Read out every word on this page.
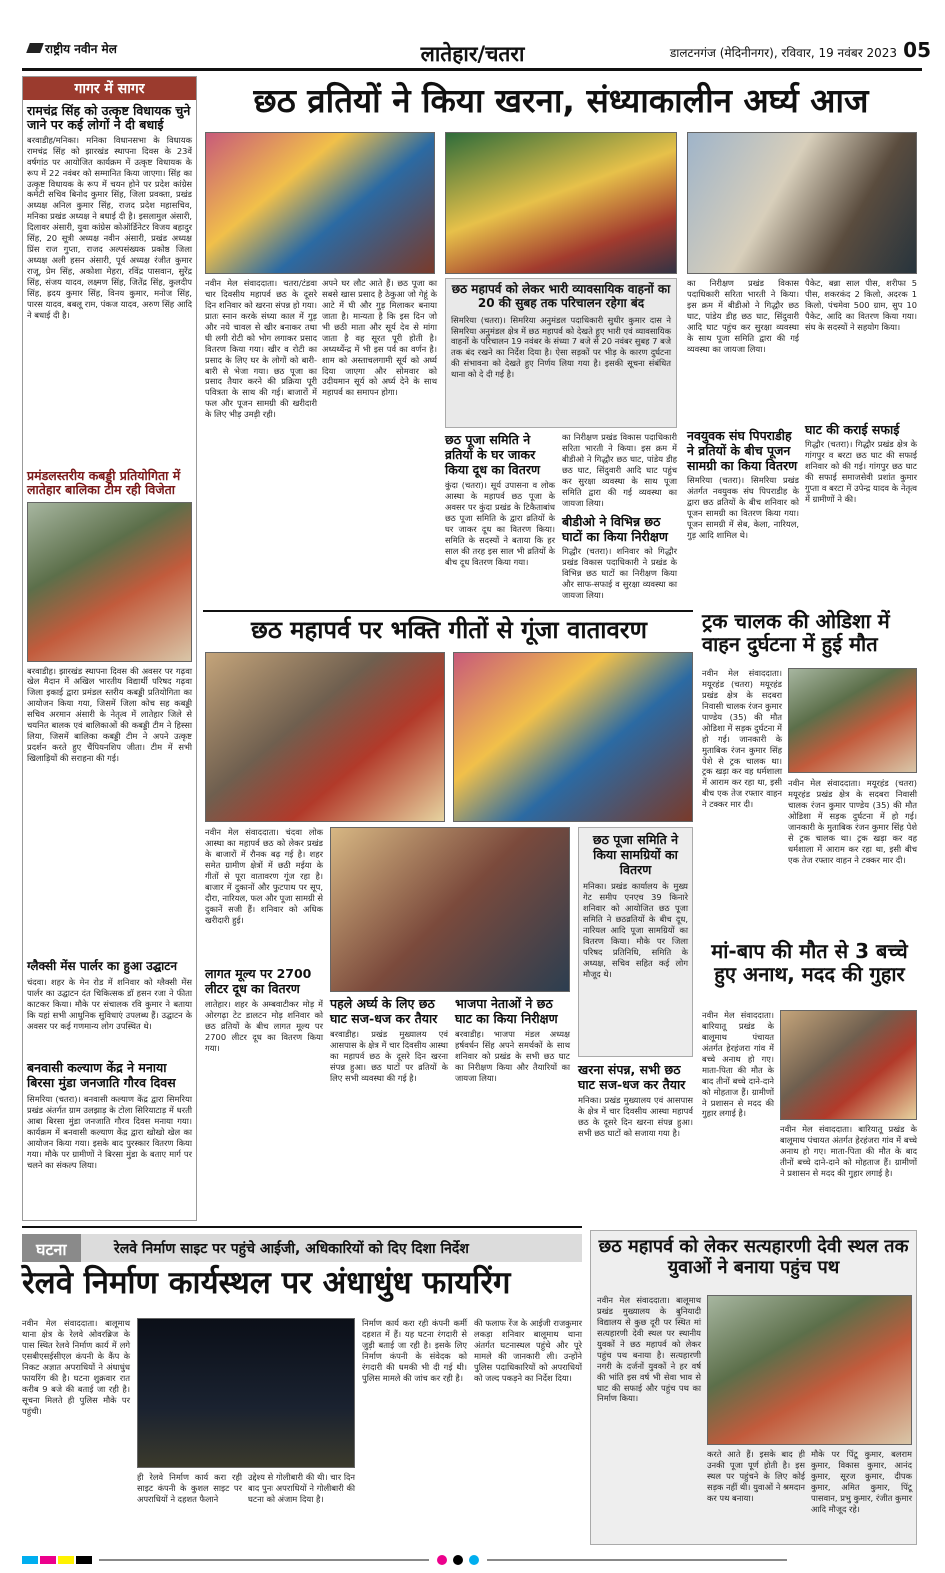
राष्ट्रीय नवीन मेल	लातेहार/चतरा	डालटनगंज (मेदिनीनगर), रविवार, 19 नवंबर 2023 05
गागर में सागर
रामचंद्र सिंह को उत्कृष्ट विधायक चुने जाने पर कई लोगों ने दी बधाई
बरवाडीह/मनिका। मनिका विधानसभा के विधायक रामचंद्र सिंह को झारखंड स्थापना दिवस के 23वें वर्षगांठ पर आयोजित कार्यक्रम में उत्कृष्ट विधायक के रूप में 22 नवंबर को सम्मानित किया जाएगा। सिंह का उत्कृष्ट विधायक के रूप में चयन होने पर प्रदेश कांग्रेस कमेटी सचिव बिनोद कुमार सिंह, जिला प्रवक्ता, प्रखंड अध्यक्ष अनिल कुमार सिंह, राजद प्रदेश महासचिव, मनिका प्रखंड अध्यक्ष ने बधाई दी है। इसलामुल अंसारी, दिलावर अंसारी, युवा कांग्रेस कोऑर्डिनेटर विजय बहादुर सिंह, 20 सूत्री अध्यक्ष नवीन अंसारी, प्रखंड अध्यक्ष प्रिंस राज गुप्ता, राजद अल्पसंख्यक प्रकोष्ठ जिला अध्यक्ष अली हसन अंसारी, पूर्व अध्यक्ष रंजीत कुमार राजू, प्रेम सिंह, अकोशा मेहरा, रविंद्र पासवान, सुरेंद्र सिंह, संजय यादव, लक्ष्मण सिंह, जितेंद्र सिंह, कुलदीप सिंह, ह्रदय कुमार सिंह, विनय कुमार, मनोज सिंह, पारस यादव, बबलू राम, पंकज यादव, अरुण सिंह आदि ने बधाई दी है।
प्रमंडलस्तरीय कबड्डी प्रतियोगिता में लातेहार बालिका टीम रही विजेता
बरवाडीह। झारखंड स्थापना दिवस की अवसर पर गढ़वा खेल मैदान में अखिल भारतीय विद्यार्थी परिषद गढ़वा जिला इकाई द्वारा प्रमंडल स्तरीय कबड्डी प्रतियोगिता का आयोजन किया गया, जिसमें जिला कोच सह कबड्डी सचिव अरमान अंसारी के नेतृत्व में लातेहार जिले से चयनित बालक एवं बालिकाओं की कबड्डी टीम ने हिस्सा लिया, जिसमें बालिका कबड्डी टीम ने अपने उत्कृष्ट प्रदर्शन करते हुए चैंपियनशिप जीता। टीम में सभी खिलाड़ियों की सराहना की गई।
ग्लैक्सी मेंस पार्लर का हुआ उद्घाटन
चंदवा। शहर के मेन रोड में शनिवार को ग्लैक्सी मेंस पार्लर का उद्घाटन दंत चिकित्सक डॉ हसन रजा ने फीता काटकर किया। मौके पर संचालक रवि कुमार ने बताया कि यहां सभी आधुनिक सुविधाएं उपलब्ध हैं। उद्घाटन के अवसर पर कई गणमान्य लोग उपस्थित थे।
बनवासी कल्याण केंद्र ने मनाया बिरसा मुंडा जनजाति गौरव दिवस
सिमरिया (चतरा)। बनवासी कल्याण केंद्र द्वारा सिमरिया प्रखंड अंतर्गत ग्राम उलझाड़ के टोला सिरियाटाड़ में धरती आबा बिरसा मुंडा जनजाति गौरव दिवस मनाया गया। कार्यक्रम में बनवासी कल्याण केंद्र द्वारा खोखो खेल का आयोजन किया गया। इसके बाद पुरस्कार वितरण किया गया। मौके पर ग्रामीणों ने बिरसा मुंडा के बताए मार्ग पर चलने का संकल्प लिया।
छठ व्रतियों ने किया खरना, संध्याकालीन अर्घ्य आज
नवीन मेल संवाददाता। चतरा/टंडवा चार दिवसीय महापर्व छठ के दूसरे दिन शनिवार को खरना संपन्न हो गया। प्रातः स्नान करके संध्या काल में गुड़ और नये चावल से खीर बनाकर तथा घी लगी रोटी को भोग लगाकर प्रसाद वितरण किया गया। खीर व रोटी का प्रसाद के लिए घर के लोगों को बारी-बारी से भेजा गया। छठ पूजा का प्रसाद तैयार करने की प्रक्रिया पूरी पवित्रता के साथ की गई। बाजारों में फल और पूजन सामग्री की खरीदारी के लिए भीड़ उमड़ी रही।
अपने घर लौट आते हैं। छठ पूजा का सबसे खास प्रसाद है ठेकुआ जो गेहूं के आटे में घी और गुड़ मिलाकर बनाया जाता है। मान्यता है कि इस दिन जो भी छठी माता और सूर्य देव से मांगा जाता है वह सूरत पूरी होती है। अध्यर्थ्येन्द्र में भी इस पर्व का वर्णन है। शाम को अस्ताचलगामी सूर्य को अर्घ्य दिया जाएगा और सोमवार को उदीयमान सूर्य को अर्घ्य देने के साथ महापर्व का समापन होगा।
छठ महापर्व को लेकर भारी व्यावसायिक वाहनों का 20 की सुबह तक परिचालन रहेगा बंद
सिमरिया (चतरा)। सिमरिया अनुमंडल पदाधिकारी सुधीर कुमार दास ने सिमरिया अनुमंडल क्षेत्र में छठ महापर्व को देखते हुए भारी एवं व्यावसायिक वाहनों के परिचालन 19 नवंबर के संध्या 7 बजे से 20 नवंबर सुबह 7 बजे तक बंद रखने का निर्देश दिया है। ऐसा सड़कों पर भीड़ के कारण दुर्घटना की संभावना को देखते हुए निर्णय लिया गया है। इसकी सूचना संबंधित थाना को दे दी गई है।
छठ पूजा समिति ने व्रतियों के घर जाकर किया दूध का वितरण
कुंदा (चतरा)। सूर्य उपासना व लोक आस्था के महापर्व छठ पूजा के अवसर पर कुंदा प्रखंड के टिकैताबांध छठ पूजा समिति के द्वारा व्रतियों के घर जाकर दूध का वितरण किया। समिति के सदस्यों ने बताया कि हर साल की तरह इस साल भी व्रतियों के बीच दूध वितरण किया गया।
का निरीक्षण प्रखंड विकास पदाधिकारी सरिता भारती ने किया। इस क्रम में बीडीओ ने गिद्धौर छठ घाट, पांडेय डीह छठ घाट, सिंदुवारी आदि घाट पहुंच कर सुरक्षा व्यवस्था के साथ पूजा समिति द्वारा की गई व्यवस्था का जायजा लिया।
बीडीओ ने विभिन्न छठ घाटों का किया निरीक्षण
गिद्धौर (चतरा)। शनिवार को गिद्धौर प्रखंड विकास पदाधिकारी ने प्रखंड के विभिन्न छठ घाटों का निरीक्षण किया और साफ-सफाई व सुरक्षा व्यवस्था का जायजा लिया।
का निरीक्षण प्रखंड विकास पदाधिकारी सरिता भारती ने किया। इस क्रम में बीडीओ ने गिद्धौर छठ घाट, पांडेय डीह छठ घाट, सिंदुवारी आदि घाट पहुंच कर सुरक्षा व्यवस्था के साथ पूजा समिति द्वारा की गई व्यवस्था का जायजा लिया।
नवयुवक संघ पिपराडीह ने व्रतियों के बीच पूजन सामग्री का किया वितरण
सिमरिया (चतरा)। सिमरिया प्रखंड अंतर्गत नवयुवक संघ पिपराडीह के द्वारा छठ व्रतियों के बीच शनिवार को पूजन सामग्री का वितरण किया गया। पूजन सामग्री में सेब, केला, नारियल, गुड़ आदि शामिल थे।
पैकेट, बन्ना साल पीस, शरीफा 5 पीस, शकरकंद 2 किलो, अदरक 1 किलो, पंचमेवा 500 ग्राम, सुप 10 पैकेट, आदि का वितरण किया गया। संघ के सदस्यों ने सहयोग किया।
घाट की कराई सफाई
गिद्धौर (चतरा)। गिद्धौर प्रखंड क्षेत्र के गांगपुर व बरटा छठ घाट की सफाई शनिवार को की गई। गांगपुर छठ घाट की सफाई समाजसेवी प्रशांत कुमार गुप्ता व बरटा में उपेन्द्र यादव के नेतृत्व में ग्रामीणों ने की।
छठ महापर्व पर भक्ति गीतों से गूंजा वातावरण
नवीन मेल संवाददाता। चंदवा लोक आस्था का महापर्व छठ को लेकर प्रखंड के बाजारों में रौनक बढ़ गई है। शहर समेत ग्रामीण क्षेत्रों में छठी मईया के गीतों से पूरा वातावरण गूंज रहा है। बाजार में दुकानों और फुटपाथ पर सूप, दौरा, नारियल, फल और पूजा सामग्री से दुकानें सजी हैं। शनिवार को अधिक खरीदारी हुई।
छठ पूजा समिति ने किया सामग्रियों का वितरण
मनिका। प्रखंड कार्यालय के मुख्य गेट समीप एनएच 39 किनारे शनिवार को आयोजित छठ पूजा समिति ने छठव्रतियों के बीच दूध, नारियल आदि पूजा सामग्रियों का वितरण किया। मौके पर जिला परिषद प्रतिनिधि, समिति के अध्यक्ष, सचिव सहित कई लोग मौजूद थे।
लागत मूल्य पर 2700 लीटर दूध का वितरण
लातेहार। शहर के अम्बवाटीकर मोड़ में ओरगढ़ा टेट डालटन मोड़ शनिवार को छठ व्रतियों के बीच लागत मूल्य पर 2700 लीटर दूध का वितरण किया गया।
पहले अर्घ्य के लिए छठ घाट सज-धज कर तैयार
बरवाडीह। प्रखंड मुख्यालय एवं आसपास के क्षेत्र में चार दिवसीय आस्था का महापर्व छठ के दूसरे दिन खरना संपन्न हुआ। छठ घाटों पर व्रतियों के लिए सभी व्यवस्था की गई है।
भाजपा नेताओं ने छठ घाट का किया निरीक्षण
बरवाडीह। भाजपा मंडल अध्यक्ष हर्षवर्धन सिंह अपने समर्थकों के साथ शनिवार को प्रखंड के सभी छठ घाट का निरीक्षण किया और तैयारियों का जायजा लिया।
खरना संपन्न, सभी छठ घाट सज-धज कर तैयार
मनिका। प्रखंड मुख्यालय एवं आसपास के क्षेत्र में चार दिवसीय आस्था महापर्व छठ के दूसरे दिन खरना संपन्न हुआ। सभी छठ घाटों को सजाया गया है।
ट्रक चालक की ओडिशा में वाहन दुर्घटना में हुई मौत
नवीन मेल संवाददाता। मयूरहंड (चतरा) मयूरहंड प्रखंड क्षेत्र के सदबरा निवासी चालक रंजन कुमार पाण्डेय (35) की मौत ओडिशा में सड़क दुर्घटना में हो गई। जानकारी के मुताबिक रंजन कुमार सिंह पेशे से ट्रक चालक था। ट्रक खड़ा कर वह धर्मशाला में आराम कर रहा था, इसी बीच एक तेज रफ्तार वाहन ने टक्कर मार दी।
नवीन मेल संवाददाता। मयूरहंड (चतरा) मयूरहंड प्रखंड क्षेत्र के सदबरा निवासी चालक रंजन कुमार पाण्डेय (35) की मौत ओडिशा में सड़क दुर्घटना में हो गई। जानकारी के मुताबिक रंजन कुमार सिंह पेशे से ट्रक चालक था। ट्रक खड़ा कर वह धर्मशाला में आराम कर रहा था, इसी बीच एक तेज रफ्तार वाहन ने टक्कर मार दी।
मां-बाप की मौत से 3 बच्चे हुए अनाथ, मदद की गुहार
नवीन मेल संवाददाता। बारियातू प्रखंड के बालूमाथ पंचायत अंतर्गत हेरहंजरा गांव में बच्चे अनाथ हो गए। माता-पिता की मौत के बाद तीनों बच्चे दाने-दाने को मोहताज हैं। ग्रामीणों ने प्रशासन से मदद की गुहार लगाई है।
नवीन मेल संवाददाता। बारियातू प्रखंड के बालूमाथ पंचायत अंतर्गत हेरहंजरा गांव में बच्चे अनाथ हो गए। माता-पिता की मौत के बाद तीनों बच्चे दाने-दाने को मोहताज हैं। ग्रामीणों ने प्रशासन से मदद की गुहार लगाई है।
घटना	रेलवे निर्माण साइट पर पहुंचे आईजी, अधिकारियों को दिए दिशा निर्देश
रेलवे निर्माण कार्यस्थल पर अंधाधुंध फायरिंग
नवीन मेल संवाददाता। बालूमाथ थाना क्षेत्र के रेलवे ओवरब्रिज के पास स्थित रेलवे निर्माण कार्य में लगे एसबीएसईसीएल कंपनी के कैंप के निकट अज्ञात अपराधियों ने अंधाधुंध फायरिंग की है। घटना शुक्रवार रात करीब 9 बजे की बताई जा रही है। सूचना मिलते ही पुलिस मौके पर पहुंची।
ही रेलवे निर्माण कार्य करा रही साइट कंपनी के कुशल साइट पर अपराधियों ने दहशत फैलाने
उद्देश्य से गोलीबारी की थी। चार दिन बाद पुनः अपराधियों ने गोलीबारी की घटना को अंजाम दिया है।
निर्माण कार्य करा रही कंपनी कर्मी दहशत में हैं। यह घटना रंगदारी से जुड़ी बताई जा रही है। इसके लिए निर्माण कंपनी के संवेदक को रंगदारी की धमकी भी दी गई थी। पुलिस मामले की जांच कर रही है।
की फलाफ रेंज के आईजी राजकुमार लकड़ा शनिवार बालूमाथ थाना अंतर्गत घटनास्थल पहुंचे और पूरे मामले की जानकारी ली। उन्होंने पुलिस पदाधिकारियों को अपराधियों को जल्द पकड़ने का निर्देश दिया।
छठ महापर्व को लेकर सत्यहारणी देवी स्थल तक युवाओं ने बनाया पहुंच पथ
नवीन मेल संवाददाता। बालूमाथ प्रखंड मुख्यालय के बुनियादी विद्यालय से कुछ दूरी पर स्थित मां सत्यहारणी देवी स्थल पर स्थानीय युवकों ने छठ महापर्व को लेकर पहुंच पथ बनाया है। सत्यहारणी नगरी के दर्जनों युवकों ने हर वर्ष की भांति इस वर्ष भी सेवा भाव से घाट की सफाई और पहुंच पथ का निर्माण किया।
करते आते हैं। इसके बाद ही उनकी पूजा पूर्ण होती है। इस स्थल पर पहुंचने के लिए कोई सड़क नहीं थी। युवाओं ने श्रमदान कर पथ बनाया।
मौके पर पिंटू कुमार, बलराम कुमार, विकास कुमार, आनंद कुमार, सूरज कुमार, दीपक कुमार, अमित कुमार, पिंटू पासवान, प्रभु कुमार, रंजीत कुमार आदि मौजूद रहे।
